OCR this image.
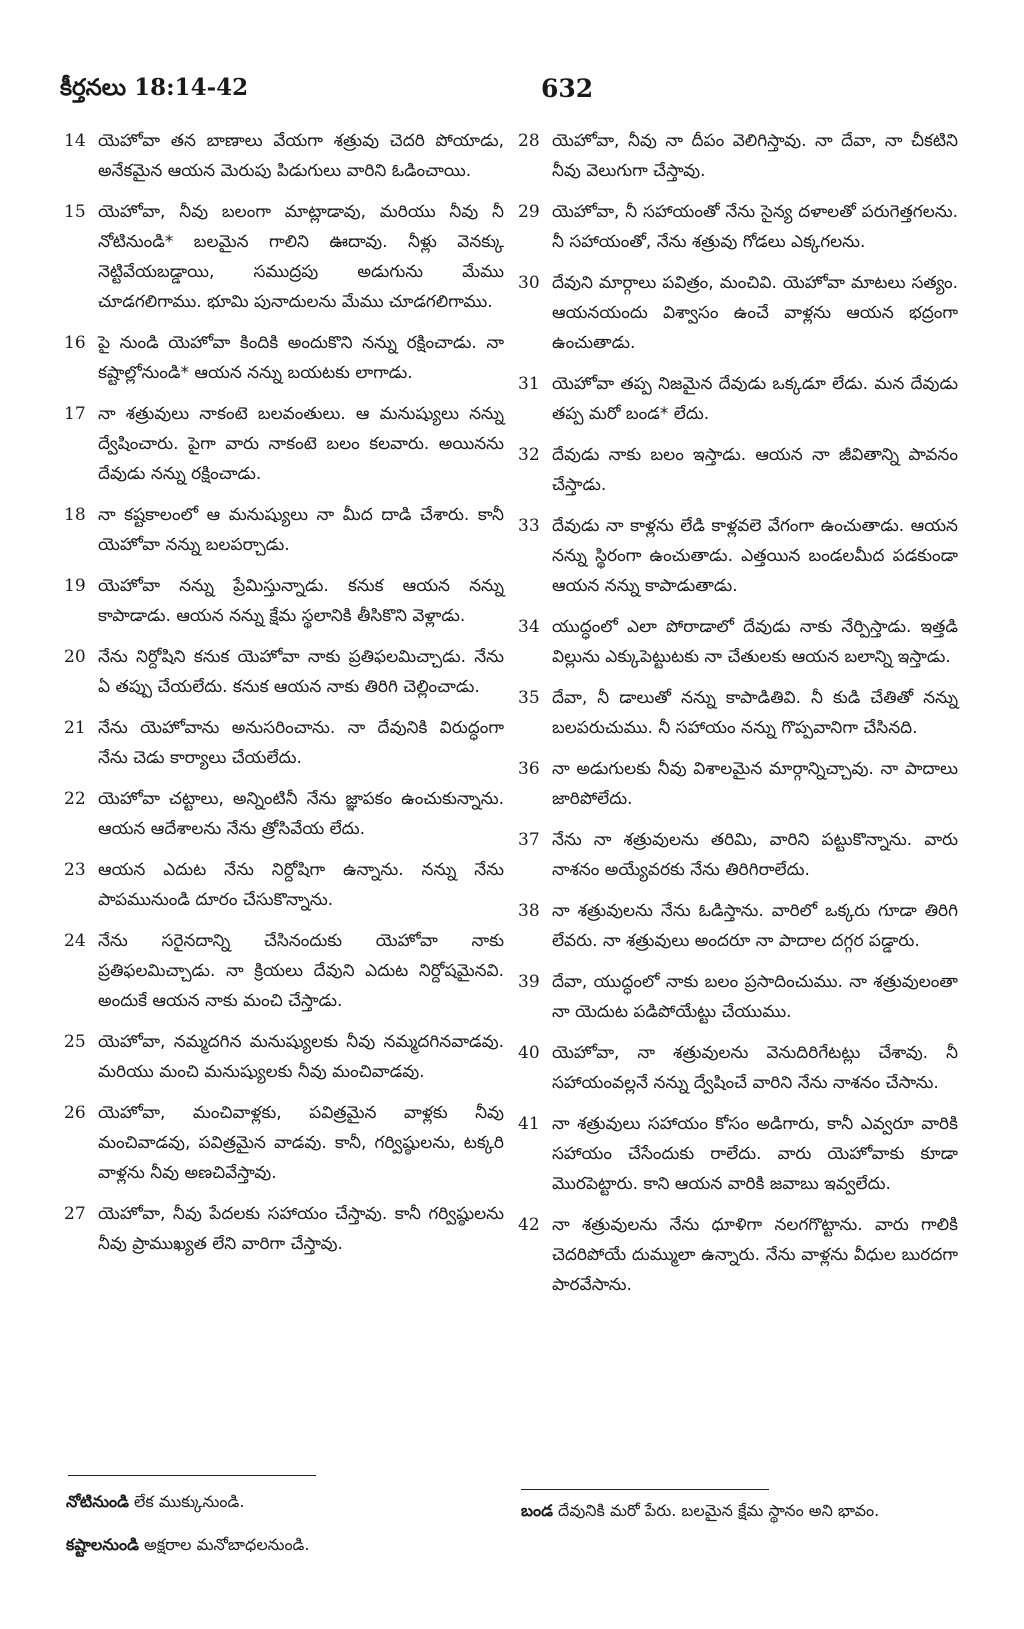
కీర్తనలు 18:14-42	632
14 యెహోవా తన బాణాలు వేయగా శత్రువు చెదరి పోయాడు, అనేకమైన ఆయన మెరుపు పిడుగులు వారిని ఓడించాయి.
15 యెహోవా, నీవు బలంగా మాట్లాడావు, మరియు నీవు నీ నోటినుండి* బలమైన గాలిని ఊదావు. నీళ్లు వెనక్కు నెట్టివేయబడ్డాయి, సముద్రపు అడుగును మేము చూడగలిగాము. భూమి పునాదులను మేము చూడగలిగాము.
16 పై నుండి యెహోవా కిందికి అందుకొని నన్ను రక్షించాడు. నా కష్టాల్లోనుండి* ఆయన నన్ను బయటకు లాగాడు.
17 నా శత్రువులు నాకంటె బలవంతులు. ఆ మనుష్యులు నన్ను ద్వేషించారు. పైగా వారు నాకంటె బలం కలవారు. అయినను దేవుడు నన్ను రక్షించాడు.
18 నా కష్టకాలంలో ఆ మనుష్యులు నా మీద దాడి చేశారు. కానీ యెహోవా నన్ను బలపర్చాడు.
19 యెహోవా నన్ను ప్రేమిస్తున్నాడు. కనుక ఆయన నన్ను కాపాడాడు. ఆయన నన్ను క్షేమ స్థలానికి తీసికొని వెళ్లాడు.
20 నేను నిర్దోషిని కనుక యెహోవా నాకు ప్రతిఫలమిచ్చాడు. నేను ఏ తప్పు చేయలేదు. కనుక ఆయన నాకు తిరిగి చెల్లించాడు.
21 నేను యెహోవాను అనుసరించాను. నా దేవునికి విరుద్ధంగా నేను చెడు కార్యాలు చేయలేదు.
22 యెహోవా చట్టాలు, అన్నింటినీ నేను జ్ఞాపకం ఉంచుకున్నాను. ఆయన ఆదేశాలను నేను త్రోసివేయ లేదు.
23 ఆయన ఎదుట నేను నిర్దోషిగా ఉన్నాను. నన్ను నేను పాపమునుండి దూరం చేసుకొన్నాను.
24 నేను సరైనదాన్ని చేసినందుకు యెహోవా నాకు ప్రతిఫలమిచ్చాడు. నా క్రియలు దేవుని ఎదుట నిర్దోషమైనవి. అందుకే ఆయన నాకు మంచి చేస్తాడు.
25 యెహోవా, నమ్మదగిన మనుష్యులకు నీవు నమ్మదగినవాడవు. మరియు మంచి మనుష్యులకు నీవు మంచివాడవు.
26 యెహోవా, మంచివాళ్లకు, పవిత్రమైన వాళ్లకు నీవు మంచివాడవు, పవిత్రమైన వాడవు. కానీ, గర్విష్ఠులను, టక్కరి వాళ్లను నీవు అణచివేస్తావు.
27 యెహోవా, నీవు పేదలకు సహాయం చేస్తావు. కానీ గర్విష్ఠులను నీవు ప్రాముఖ్యత లేని వారిగా చేస్తావు.
28 యెహోవా, నీవు నా దీపం వెలిగిస్తావు. నా దేవా, నా చీకటిని నీవు వెలుగుగా చేస్తావు.
29 యెహోవా, నీ సహాయంతో నేను సైన్య దళాలతో పరుగెత్తగలను. నీ సహాయంతో, నేను శత్రువు గోడలు ఎక్కగలను.
30 దేవుని మార్గాలు పవిత్రం, మంచివి. యెహోవా మాటలు సత్యం. ఆయనయందు విశ్వాసం ఉంచే వాళ్లను ఆయన భద్రంగా ఉంచుతాడు.
31 యెహోవా తప్ప నిజమైన దేవుడు ఒక్కడూ లేడు. మన దేవుడు తప్ప మరో బండ* లేదు.
32 దేవుడు నాకు బలం ఇస్తాడు. ఆయన నా జీవితాన్ని పావనం చేస్తాడు.
33 దేవుడు నా కాళ్లను లేడి కాళ్లవలె వేగంగా ఉంచుతాడు. ఆయన నన్ను స్థిరంగా ఉంచుతాడు. ఎత్తయిన బండలమీద పడకుండా ఆయన నన్ను కాపాడుతాడు.
34 యుద్ధంలో ఎలా పోరాడాలో దేవుడు నాకు నేర్పిస్తాడు. ఇత్తడి విల్లును ఎక్కుపెట్టుటకు నా చేతులకు ఆయన బలాన్ని ఇస్తాడు.
35 దేవా, నీ డాలుతో నన్ను కాపాడితివి. నీ కుడి చేతితో నన్ను బలపరుచుము. నీ సహాయం నన్ను గొప్పవానిగా చేసినది.
36 నా అడుగులకు నీవు విశాలమైన మార్గాన్నిచ్చావు. నా పాదాలు జారిపోలేదు.
37 నేను నా శత్రువులను తరిమి, వారిని పట్టుకొన్నాను. వారు నాశనం అయ్యేవరకు నేను తిరిగిరాలేదు.
38 నా శత్రువులను నేను ఓడిస్తాను. వారిలో ఒక్కరు గూడా తిరిగి లేవరు. నా శత్రువులు అందరూ నా పాదాల దగ్గర పడ్డారు.
39 దేవా, యుద్ధంలో నాకు బలం ప్రసాదించుము. నా శత్రువులంతా నా యెదుట పడిపోయేట్టు చేయుము.
40 యెహోవా, నా శత్రువులను వెనుదిరిగేటట్లు చేశావు. నీ సహాయంవల్లనే నన్ను ద్వేషించే వారిని నేను నాశనం చేసాను.
41 నా శత్రువులు సహాయం కోసం అడిగారు, కానీ ఎవ్వరూ వారికి సహాయం చేసేందుకు రాలేదు. వారు యెహోవాకు కూడా మొరపెట్టారు. కాని ఆయన వారికి జవాబు ఇవ్వలేదు.
42 నా శత్రువులను నేను ధూళిగా నలగగొట్టాను. వారు గాలికి చెదరిపోయే దుమ్ములా ఉన్నారు. నేను వాళ్లను వీధుల బురదగా పారవేసాను.
నోటినుండి లేక ముక్కునుండి.
కష్టాలనుండి అక్షరాల మనోబాధలనుండి.
బండ దేవునికి మరో పేరు. బలమైన క్షేమ స్థానం అని భావం.
